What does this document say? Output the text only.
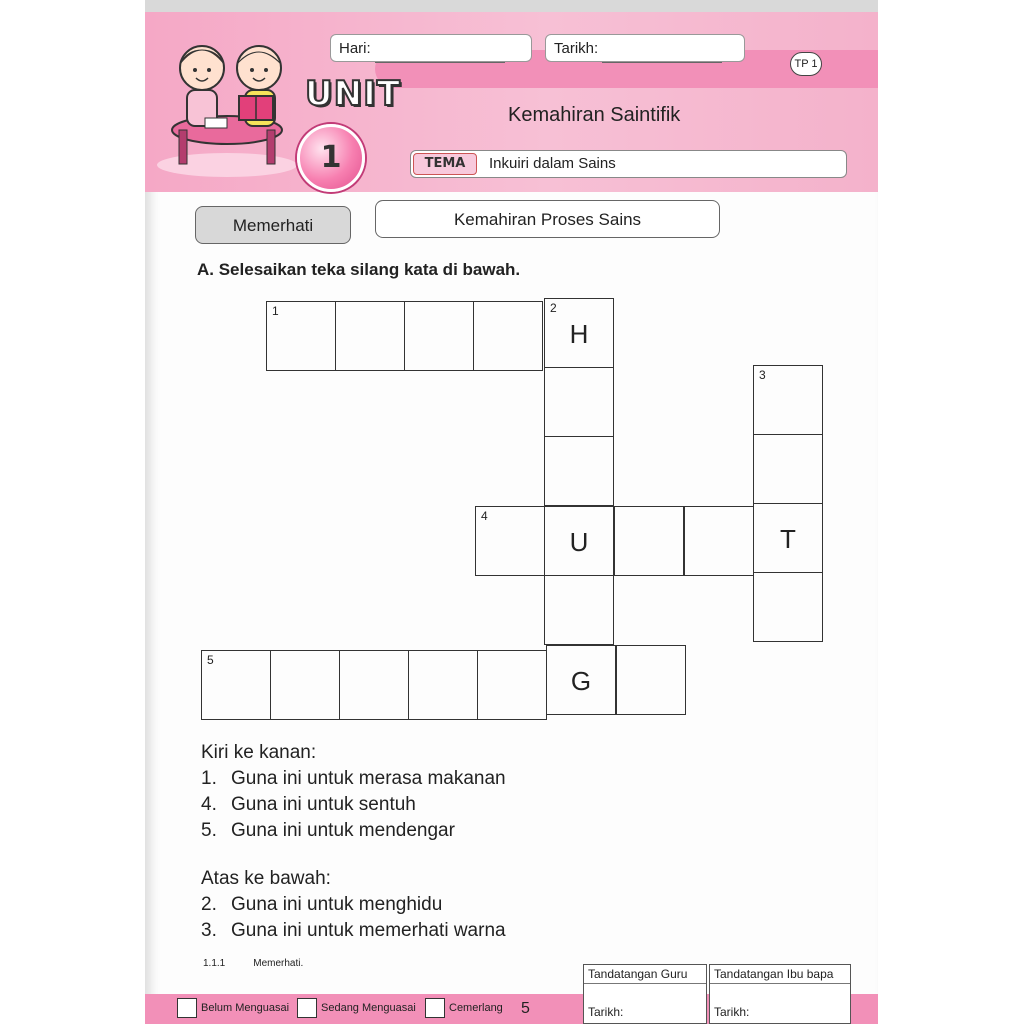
Hari:	Tarikh:
TP 1
UNIT
1
Kemahiran Saintifik
TEMA	Inkuiri dalam Sains
Memerhati	Kemahiran Proses Sains
A. Selesaikan teka silang kata di bawah.
1	2
H
4
U	T
3
5
G
Kiri ke kanan:
1. Guna ini untuk merasa makanan
4. Guna ini untuk sentuh
5. Guna ini untuk mendengar
Atas ke bawah:
2. Guna ini untuk menghidu
3. Guna ini untuk memerhati warna
1.1.1	Memerhati.
Belum Menguasai	Sedang Menguasai	Cemerlang 5
Tandatangan Guru
Tarikh:
Tandatangan Ibu bapa
Tarikh:
